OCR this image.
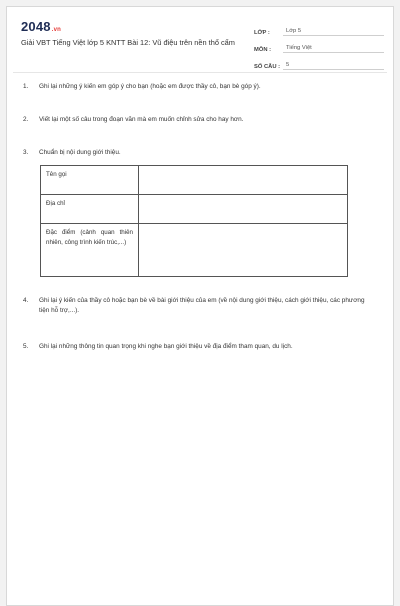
2048.vn
Giải VBT Tiếng Việt lớp 5 KNTT Bài 12: Vũ điệu trên nền thổ cẩm
LỚP :	Lớp 5
MÔN :	Tiếng Việt
SỐ CÂU :	5
1.	Ghi lại những ý kiến em góp ý cho bạn (hoặc em được thầy cô, bạn bè góp ý).
2.	Viết lại một số câu trong đoạn văn mà em muốn chỉnh sửa cho hay hơn.
3.	Chuẩn bị nội dung giới thiệu.
Tên gọi	
Địa chỉ	
Đặc điểm (cảnh quan thiên nhiên, công trình kiến trúc,...)	
4.	Ghi lại ý kiến của thầy cô hoặc bạn bè về bài giới thiệu của em (về nội dung giới thiệu, cách giới thiệu, các phương tiện hỗ trợ,...).
5.	Ghi lại những thông tin quan trọng khi nghe bạn giới thiệu về địa điểm tham quan, du lịch.
